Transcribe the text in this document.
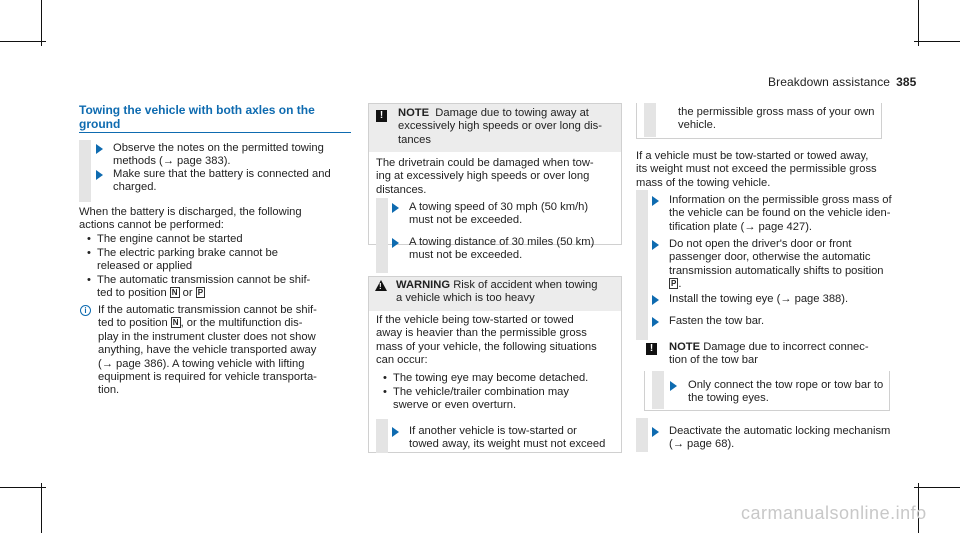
Breakdown assistance 385
Towing the vehicle with both axles on the
ground

Observe the notes on the permitted towing

methods (→ page 383).

Make sure that the battery is connected and

charged.

When the battery is discharged, the following

actions cannot be performed:

• The engine cannot be started
• The electric parking brake cannot be
released or applied
• The automatic transmission cannot be shif-
ted to position N or P
i	If the automatic transmission cannot be shif-

ted to position N , or the multifunction dis-

play in the instrument cluster does not show

anything, have the vehicle transported away

(→ page 386). A towing vehicle with lifting

equipment is required for vehicle transporta-

tion.

!	NOTE Damage due to towing away at

excessively high speeds or over long dis-

tances

The drivetrain could be damaged when tow-

ing at excessively high speeds or over long

distances.

A towing speed of 30 mph (50 km/h)

must not be exceeded.

A towing distance of 30 miles (50 km)

must not be exceeded.

! WARNING Risk of accident when towing

a vehicle which is too heavy

If the vehicle being tow-started or towed

away is heavier than the permissible gross

mass of your vehicle, the following situations

can occur:

• The towing eye may become detached.
• The vehicle/trailer combination may
swerve or even overturn.

If another vehicle is tow-started or

towed away, its weight must not exceed

the permissible gross mass of your own

vehicle.

If a vehicle must be tow-started or towed away,

its weight must not exceed the permissible gross

mass of the towing vehicle.

Information on the permissible gross mass of

the vehicle can be found on the vehicle iden-

tification plate (→ page 427).

Do not open the driver's door or front

passenger door, otherwise the automatic

transmission automatically shifts to position

P .

Install the towing eye (→ page 388).

Fasten the tow bar.

!	NOTE Damage due to incorrect connec-

tion of the tow bar

Only connect the tow rope or tow bar to

the towing eyes.

Deactivate the automatic locking mechanism

(→ page 68).

carmanualsonline.info
